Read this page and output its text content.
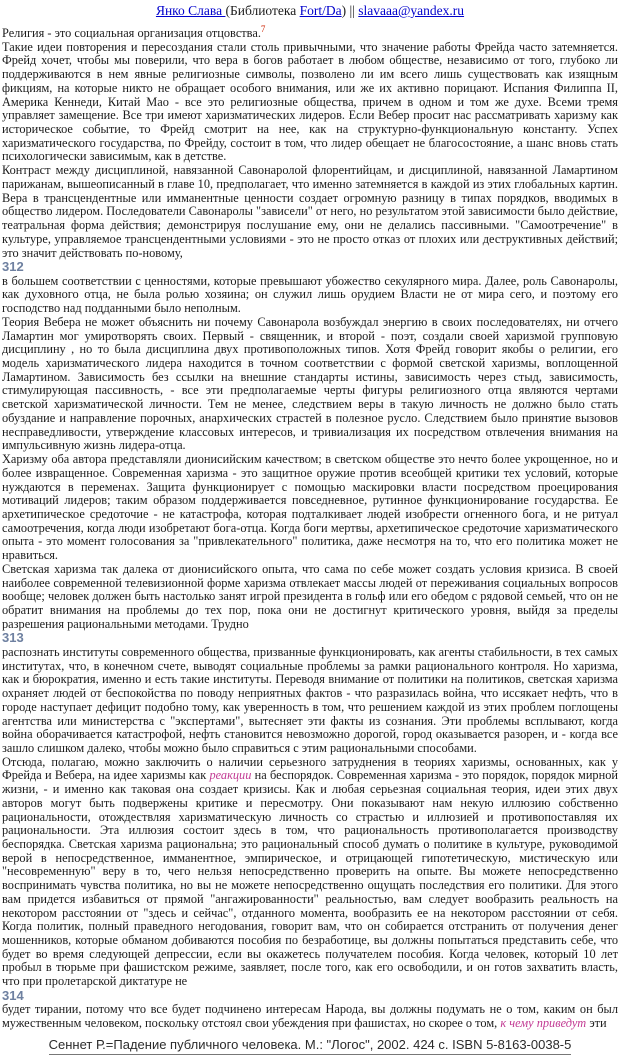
Янко Слава (Библиотека Fort/Da) || slavaaa@yandex.ru
Религия - это социальная организация отцовства.$^7$
Такие идеи повторения и пересоздания стали столь привычными, что значение работы Фрейда часто затемняется. Фрейд хочет, чтобы мы поверили, что вера в богов работает в любом обществе, независимо от того, глубоко ли поддерживаются в нем явные религиозные символы, позволено ли им всего лишь существовать как изящным фикциям, на которые никто не обращает особого внимания, или же их активно порицают. Испания Филиппа II, Америка Кеннеди, Китай Мао - все это религиозные общества, причем в одном и том же духе. Всеми тремя управляет замещение. Все три имеют харизматических лидеров. Если Вебер просит нас рассматривать харизму как историческое событие, то Фрейд смотрит на нее, как на структурно-функциональную константу. Успех харизматического государства, по Фрейду, состоит в том, что лидер обещает не благосостояние, а шанс вновь стать психологически зависимым, как в детстве.
Контраст между дисциплиной, навязанной Савонаролой флорентийцам, и дисциплиной, навязанной Ламартином парижанам, вышеописанный в главе 10, предполагает, что именно затемняется в каждой из этих глобальных картин. Вера в трансцендентные или имманентные ценности создает огромную разницу в типах порядков, вводимых в общество лидером. Последователи Савонаролы "зависели" от него, но результатом этой зависимости было действие, театральная форма действия; демонстрируя послушание ему, они не делались пассивными. "Самоотречение" в культуре, управляемое трансцендентными условиями - это не просто отказ от плохих или деструктивных действий; это значит действовать по-новому,
312
в большем соответствии с ценностями, которые превышают убожество секулярного мира. Далее, роль Савонаролы, как духовного отца, не была ролью хозяина; он служил лишь орудием Власти не от мира сего, и поэтому его господство над подданными было неполным.
Теория Вебера не может объяснить ни почему Савонарола возбуждал энергию в своих последователях, ни отчего Ламартин мог умиротворять своих. Первый - священник, и второй - поэт, создали своей харизмой групповую дисциплину , но то была дисциплина двух противоположных типов. Хотя Фрейд говорит якобы о религии, его модель харизматического лидера находится в точном соответствии с формой светской харизмы, воплощенной Ламартином. Зависимость без ссылки на внешние стандарты истины, зависимость через стыд, зависимость, стимулирующая пассивность, - все эти предполагаемые черты фигуры религиозного отца являются чертами светской харизматической личности. Тем не менее, следствием веры в такую личность не должно было стать обуздание и направление порочных, анархических страстей в полезное русло. Следствием было принятие вызовов несправедливости, утверждение классовых интересов, и тривиализация их посредством отвлечения внимания на импульсивную жизнь лидера-отца.
Харизму оба автора представляли дионисийским качеством; в светском обществе это нечто более укрощенное, но и более извращенное. Современная харизма - это защитное оружие против всеобщей критики тех условий, которые нуждаются в переменах. Защита функционирует с помощью маскировки власти посредством проецирования мотиваций лидеров; таким образом поддерживается повседневное, рутинное функционирование государства. Ее архетипическое средоточие - не катастрофа, которая подталкивает людей изобрести огненного бога, и не ритуал самоотречения, когда люди изобретают бога-отца. Когда боги мертвы, архетипическое средоточие харизматического опыта - это момент голосования за "привлекательного" политика, даже несмотря на то, что его политика может не нравиться.
Светская харизма так далека от дионисийского опыта, что сама по себе может создать условия кризиса. В своей наиболее современной телевизионной форме харизма отвлекает массы людей от переживания социальных вопросов вообще; человек должен быть настолько занят игрой президента в гольф или его обедом с рядовой семьей, что он не обратит внимания на проблемы до тех пор, пока они не достигнут критического уровня, выйдя за пределы разрешения рациональными методами. Трудно
313
распознать институты современного общества, призванные функционировать, как агенты стабильности, в тех самых институтах, что, в конечном счете, выводят социальные проблемы за рамки рационального контроля. Но харизма, как и бюрократия, именно и есть такие институты. Переводя внимание от политики на политиков, светская харизма охраняет людей от беспокойства по поводу неприятных фактов - что разразилась война, что иссякает нефть, что в городе наступает дефицит подобно тому, как уверенность в том, что решением каждой из этих проблем поглощены агентства или министерства с "экспертами", вытесняет эти факты из сознания. Эти проблемы всплывают, когда война оборачивается катастрофой, нефть становится невозможно дорогой, город оказывается разорен, и - когда все зашло слишком далеко, чтобы можно было справиться с этим рациональными способами.
Отсюда, полагаю, можно заключить о наличии серьезного затруднения в теориях харизмы, основанных, как у Фрейда и Вебера, на идее харизмы как реакции на беспорядок. Современная харизма - это порядок, порядок мирной жизни, - и именно как таковая она создает кризисы. Как и любая серьезная социальная теория, идеи этих двух авторов могут быть подвержены критике и пересмотру. Они показывают нам некую иллюзию собственно рациональности, отождествляя харизматическую личность со страстью и иллюзией и противопоставляя их рациональности. Эта иллюзия состоит здесь в том, что рациональность противополагается производству беспорядка. Светская харизма рациональна; это рациональный способ думать о политике в культуре, руководимой верой в непосредственное, имманентное, эмпирическое, и отрицающей гипотетическую, мистическую или "несовременную" веру в то, чего нельзя непосредственно проверить на опыте. Вы можете непосредственно воспринимать чувства политика, но вы не можете непосредственно ощущать последствия его политики. Для этого вам придется избавиться от прямой "ангажированности" реальностью, вам следует вообразить реальность на некотором расстоянии от "здесь и сейчас", отданного момента, вообразить ее на некотором расстоянии от себя. Когда политик, полный праведного негодования, говорит вам, что он собирается отстранить от получения денег мошенников, которые обманом добиваются пособия по безработице, вы должны попытаться представить себе, что будет во время следующей депрессии, если вы окажетесь получателем пособия. Когда человек, который 10 лет пробыл в тюрьме при фашистском режиме, заявляет, после того, как его освободили, и он готов захватить власть, что при пролетарской диктатуре не
314
будет тирании, потому что все будет подчинено интересам Народа, вы должны подумать не о том, каким он был мужественным человеком, поскольку отстоял свои убеждения при фашистах, но скорее о том, к чему приведут эти
Сеннет Р.=Падение публичного человека. М.: "Логос", 2002. 424 с. ISBN 5-8163-0038-5
